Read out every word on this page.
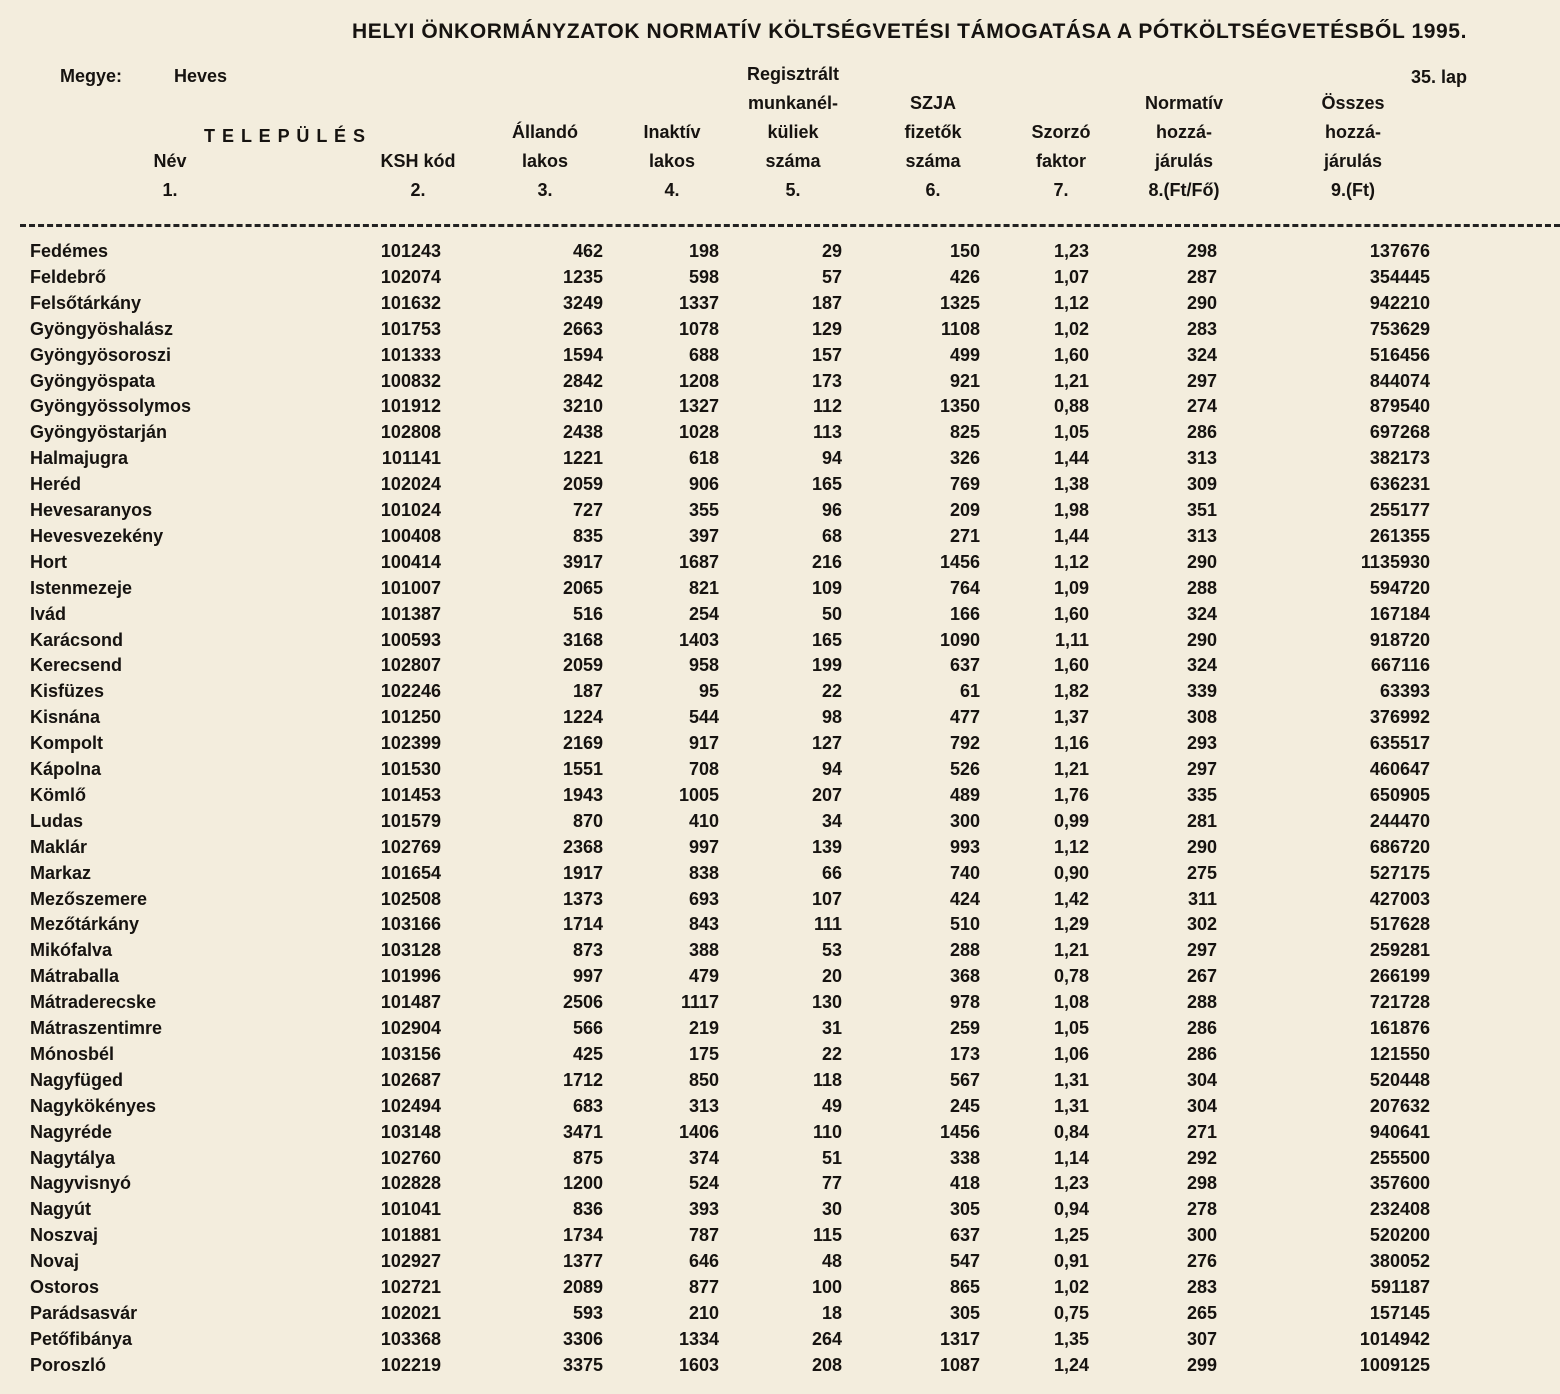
HELYI ÖNKORMÁNYZATOK NORMATÍV KÖLTSÉGVETÉSI TÁMOGATÁSA A PÓTKÖLTSÉGVETÉSBŐL 1995.
Megye:	Heves	35. lap
T E L E P Ü L É S
Név
1.
KSH kód
2.
Állandó
lakos
3.
Inaktív
lakos
4.
Regisztrált
munkanél-
küliek
száma
5.
SZJA
fizetők
száma
6.
Szorzó
faktor
7.
Normatív
hozzá-
járulás
8.(Ft/Fő)
Összes
hozzá-
járulás
9.(Ft)
Fedémes	101243	462	198	29	150	1,23	298	137676
Feldebrő	102074	1235	598	57	426	1,07	287	354445
Felsőtárkány	101632	3249	1337	187	1325	1,12	290	942210
Gyöngyöshalász	101753	2663	1078	129	1108	1,02	283	753629
Gyöngyösoroszi	101333	1594	688	157	499	1,60	324	516456
Gyöngyöspata	100832	2842	1208	173	921	1,21	297	844074
Gyöngyössolymos	101912	3210	1327	112	1350	0,88	274	879540
Gyöngyöstarján	102808	2438	1028	113	825	1,05	286	697268
Halmajugra	101141	1221	618	94	326	1,44	313	382173
Heréd	102024	2059	906	165	769	1,38	309	636231
Hevesaranyos	101024	727	355	96	209	1,98	351	255177
Hevesvezekény	100408	835	397	68	271	1,44	313	261355
Hort	100414	3917	1687	216	1456	1,12	290	1135930
Istenmezeje	101007	2065	821	109	764	1,09	288	594720
Ivád	101387	516	254	50	166	1,60	324	167184
Karácsond	100593	3168	1403	165	1090	1,11	290	918720
Kerecsend	102807	2059	958	199	637	1,60	324	667116
Kisfüzes	102246	187	95	22	61	1,82	339	63393
Kisnána	101250	1224	544	98	477	1,37	308	376992
Kompolt	102399	2169	917	127	792	1,16	293	635517
Kápolna	101530	1551	708	94	526	1,21	297	460647
Kömlő	101453	1943	1005	207	489	1,76	335	650905
Ludas	101579	870	410	34	300	0,99	281	244470
Maklár	102769	2368	997	139	993	1,12	290	686720
Markaz	101654	1917	838	66	740	0,90	275	527175
Mezőszemere	102508	1373	693	107	424	1,42	311	427003
Mezőtárkány	103166	1714	843	111	510	1,29	302	517628
Mikófalva	103128	873	388	53	288	1,21	297	259281
Mátraballa	101996	997	479	20	368	0,78	267	266199
Mátraderecske	101487	2506	1117	130	978	1,08	288	721728
Mátraszentimre	102904	566	219	31	259	1,05	286	161876
Mónosbél	103156	425	175	22	173	1,06	286	121550
Nagyfüged	102687	1712	850	118	567	1,31	304	520448
Nagykökényes	102494	683	313	49	245	1,31	304	207632
Nagyréde	103148	3471	1406	110	1456	0,84	271	940641
Nagytálya	102760	875	374	51	338	1,14	292	255500
Nagyvisnyó	102828	1200	524	77	418	1,23	298	357600
Nagyút	101041	836	393	30	305	0,94	278	232408
Noszvaj	101881	1734	787	115	637	1,25	300	520200
Novaj	102927	1377	646	48	547	0,91	276	380052
Ostoros	102721	2089	877	100	865	1,02	283	591187
Parádsasvár	102021	593	210	18	305	0,75	265	157145
Petőfibánya	103368	3306	1334	264	1317	1,35	307	1014942
Poroszló	102219	3375	1603	208	1087	1,24	299	1009125
